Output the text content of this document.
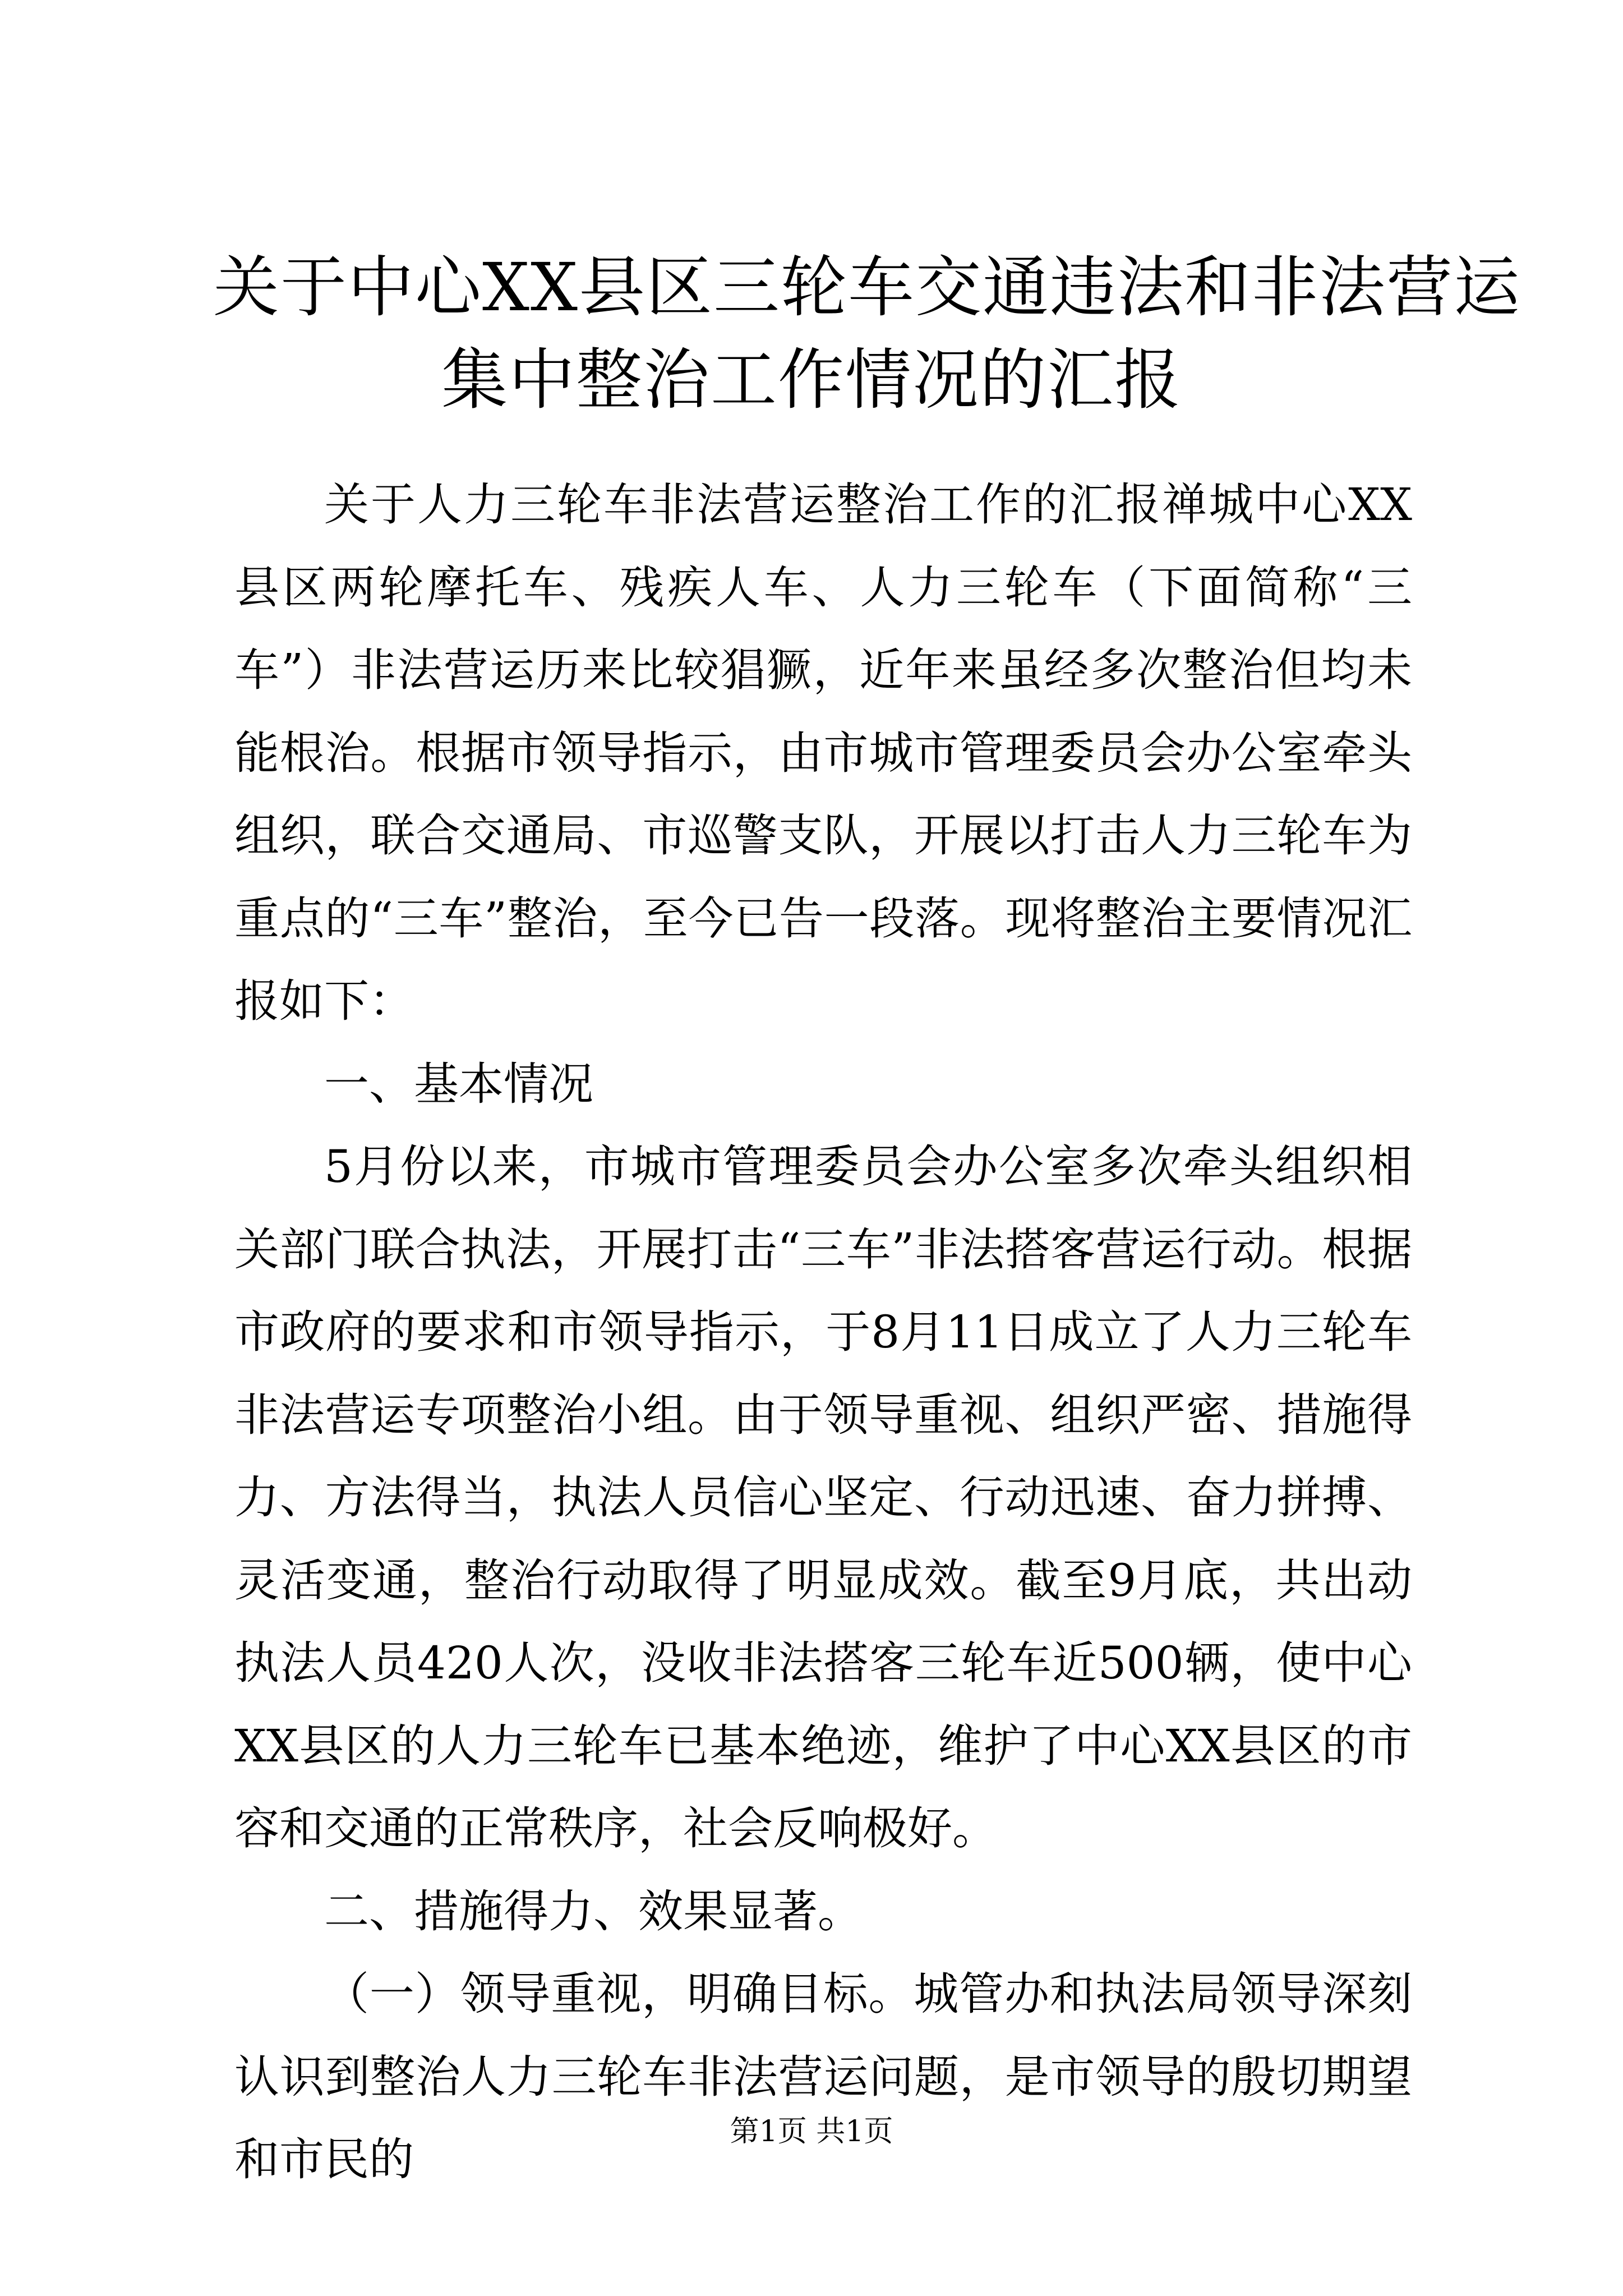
关于中心XX县区三轮车交通违法和非法营运
集中整治工作情况的汇报

关于人力三轮车非法营运整治工作的汇报禅城中心XX县区两轮摩托车、残疾人车、人力三轮车（下面简称“三车”）非法营运历来比较猖獗，近年来虽经多次整治但均未能根治。根据市领导指示，由市城市管理委员会办公室牵头组织，联合交通局、市巡警支队，开展以打击人力三轮车为重点的“三车”整治，至今已告一段落。现将整治主要情况汇报如下：

一、基本情况

5月份以来，市城市管理委员会办公室多次牵头组织相关部门联合执法，开展打击“三车”非法搭客营运行动。根据市政府的要求和市领导指示，于8月11日成立了人力三轮车非法营运专项整治小组。由于领导重视、组织严密、措施得力、方法得当，执法人员信心坚定、行动迅速、奋力拼搏、灵活变通，整治行动取得了明显成效。截至9月底，共出动执法人员420人次，没收非法搭客三轮车近500辆，使中心XX县区的人力三轮车已基本绝迹，维护了中心XX县区的市容和交通的正常秩序，社会反响极好。

二、措施得力、效果显著。

（一）领导重视，明确目标。城管办和执法局领导深刻认识到整治人力三轮车非法营运问题，是市领导的殷切期望和市民的

第1页 共1页
